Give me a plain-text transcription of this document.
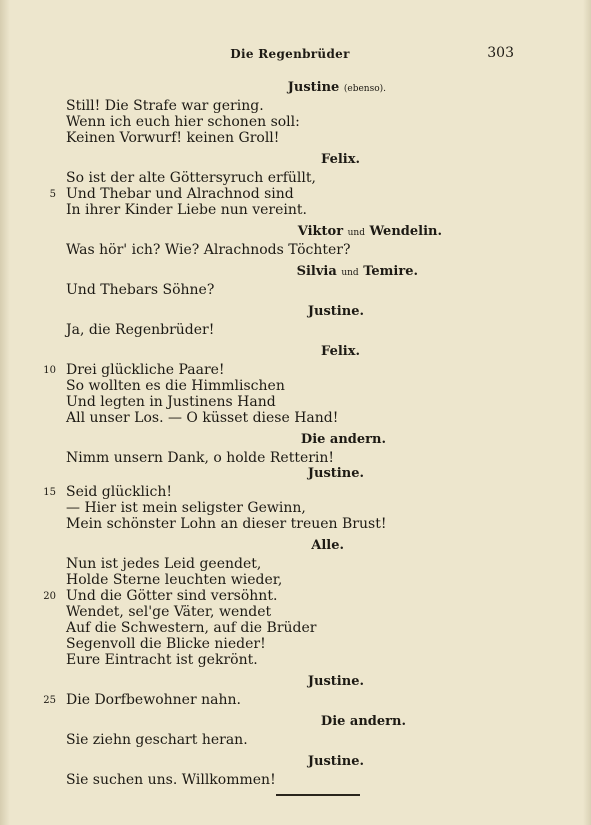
Die Regenbrüder	303
Justine (ebenso).
Still! Die Strafe war gering.
Wenn ich euch hier schonen soll:
Keinen Vorwurf! keinen Groll!
Felix.
So ist der alte Göttersyruch erfüllt,
5 Und Thebar und Alrachnod sind
In ihrer Kinder Liebe nun vereint.
Viktor und Wendelin.
Was hör' ich? Wie? Alrachnods Töchter?
Silvia und Temire.
Und Thebars Söhne?
Justine.
Ja, die Regenbrüder!
Felix.
10 Drei glückliche Paare!
So wollten es die Himmlischen
Und legten in Justinens Hand
All unser Los. — O küsset diese Hand!
Die andern.
Nimm unsern Dank, o holde Retterin!
Justine.
15 Seid glücklich!
— Hier ist mein seligster Gewinn,
Mein schönster Lohn an dieser treuen Brust!
Alle.
Nun ist jedes Leid geendet,
Holde Sterne leuchten wieder,
20 Und die Götter sind versöhnt.
Wendet, sel'ge Väter, wendet
Auf die Schwestern, auf die Brüder
Segenvoll die Blicke nieder!
Eure Eintracht ist gekrönt.
Justine.
25 Die Dorfbewohner nahn.
Die andern.
Sie ziehn geschart heran.
Justine.
Sie suchen uns. Willkommen!
